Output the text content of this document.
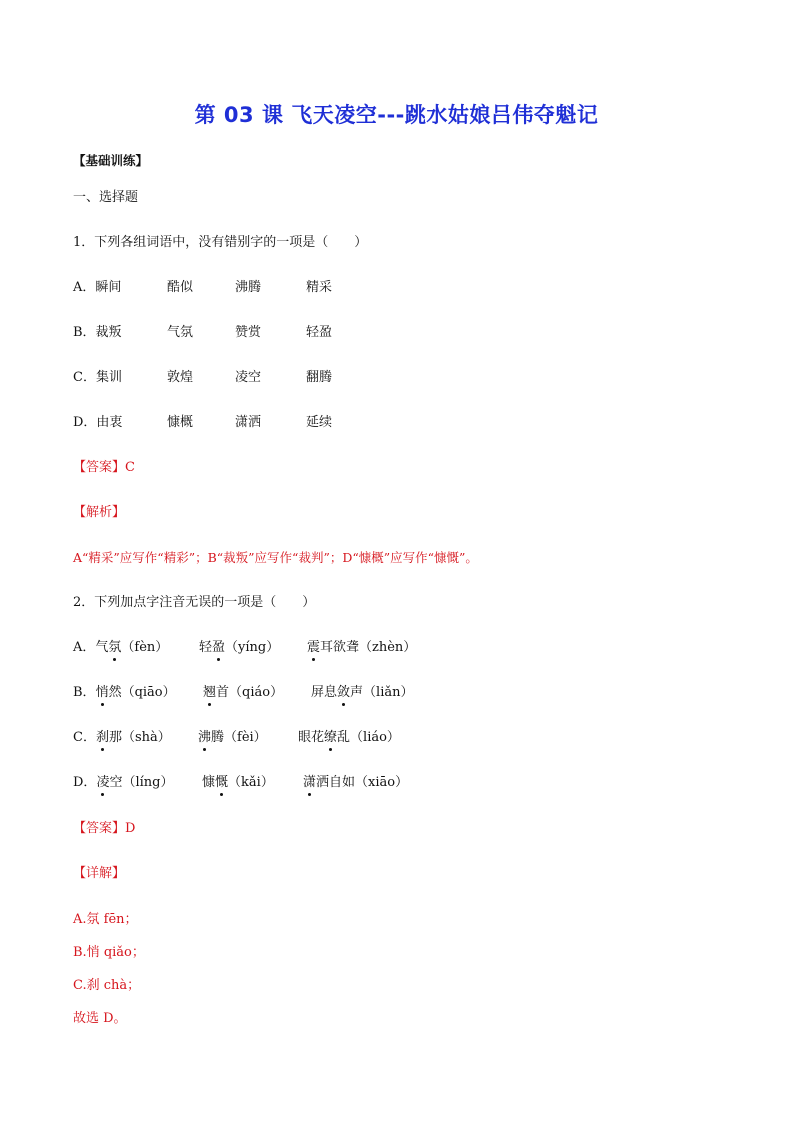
第 03 课 飞天凌空---跳水姑娘吕伟夺魁记
【基础训练】
一、选择题
1．下列各组词语中，没有错别字的一项是（　　）
A．瞬间	酷似	沸腾	精采
B．裁叛	气氛	赞赏	轻盈
C．集训	敦煌	凌空	翻腾
D．由衷	慷概	潇洒	延续
【答案】C
【解析】
A“精采”应写作“精彩”；B“裁叛”应写作“裁判”；D“慷概”应写作“慷慨”。
2．下列加点字注音无误的一项是（　　）
A．气氛（fèn） 轻盈（yíng） 震耳欲聋（zhèn）
B．悄然（qiāo） 翘首（qiáo） 屏息敛声（liǎn）
C．刹那（shà） 沸腾（fèi） 眼花缭乱（liáo）
D．凌空（líng） 慷慨（kǎi） 潇洒自如（xiāo）
【答案】D
【详解】
A.氛 fēn；
B.悄 qiǎo；
C.刹 chà；
故选 D。
